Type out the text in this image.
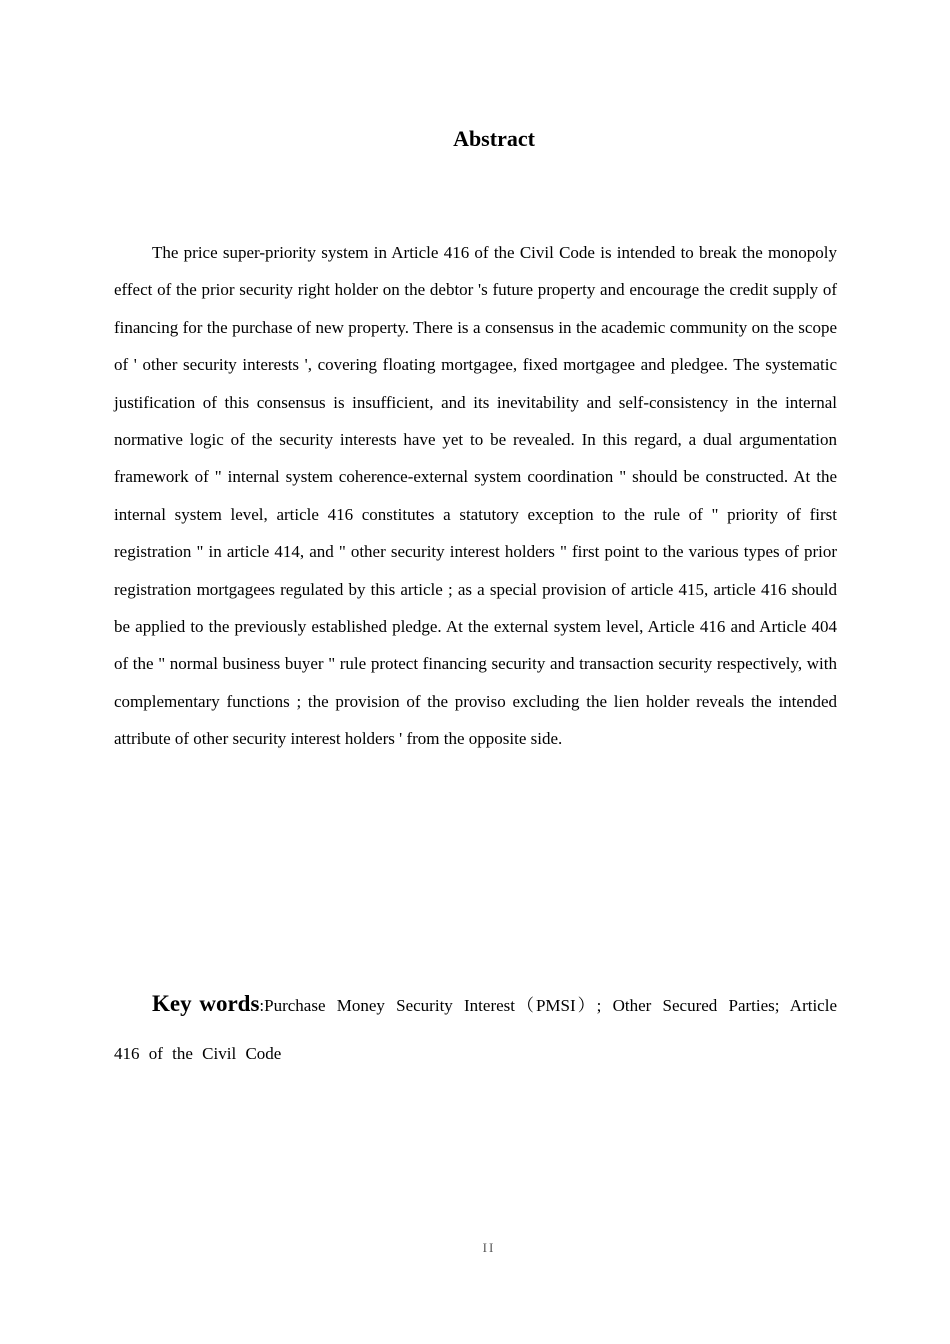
Abstract

The price super-priority system in Article 416 of the Civil Code is intended to break the monopoly effect of the prior security right holder on the debtor 's future property and encourage the credit supply of financing for the purchase of new property. There is a consensus in the academic community on the scope of ' other security interests ', covering floating mortgagee, fixed mortgagee and pledgee. The systematic justification of this consensus is insufficient, and its inevitability and self-consistency in the internal normative logic of the security interests have yet to be revealed. In this regard, a dual argumentation framework of " internal system coherence-external system coordination " should be constructed. At the internal system level, article 416 constitutes a statutory exception to the rule of " priority of first registration " in article 414, and " other security interest holders " first point to the various types of prior registration mortgagees regulated by this article ; as a special provision of article 415, article 416 should be applied to the previously established pledge. At the external system level, Article 416 and Article 404 of the " normal business buyer " rule protect financing security and transaction security respectively, with complementary functions ; the provision of the proviso excluding the lien holder reveals the intended attribute of other security interest holders ' from the opposite side.

Key words:Purchase Money Security Interest（PMSI）; Other Secured Parties; Article 416 of the Civil Code

II
